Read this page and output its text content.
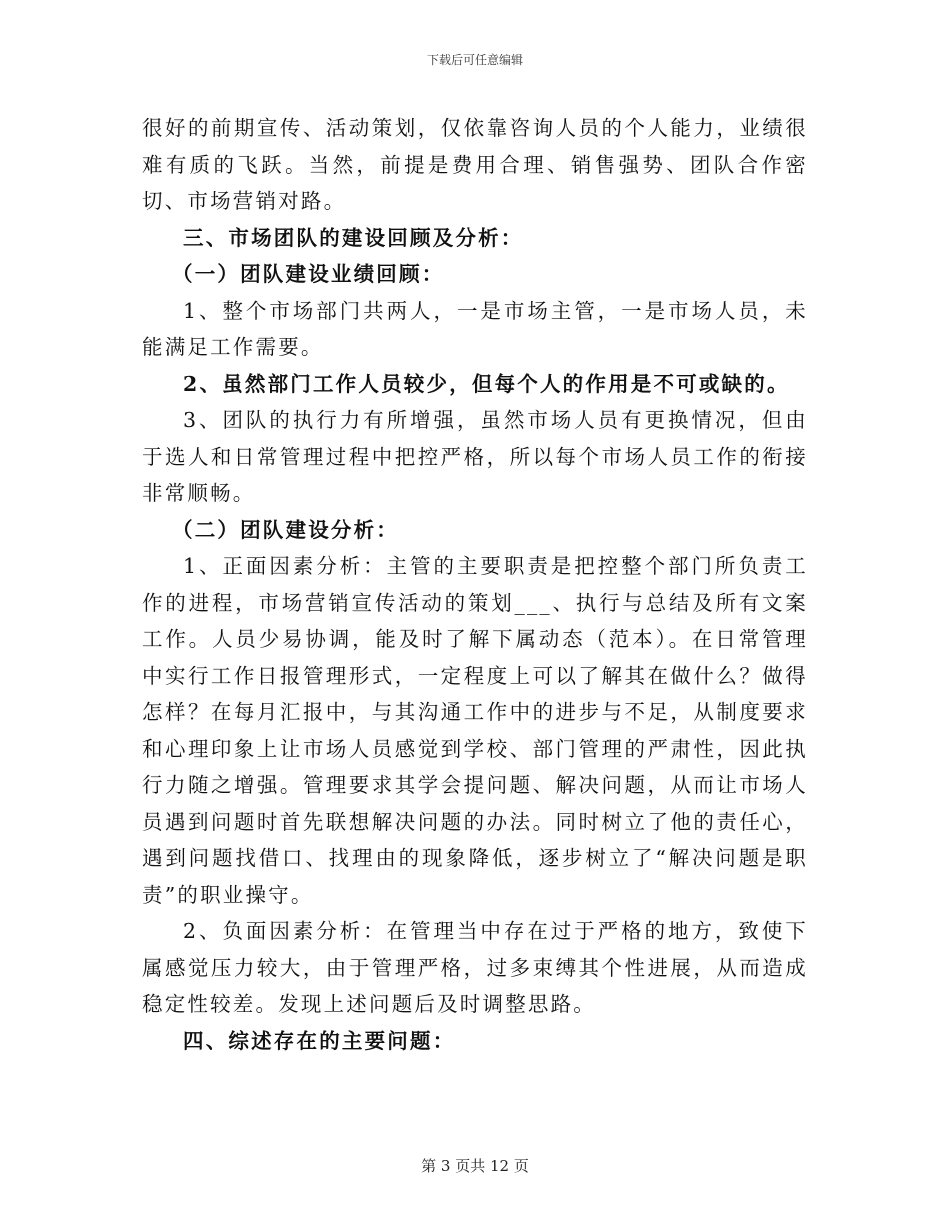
下载后可任意编辑

很好的前期宣传、活动策划，仅依靠咨询人员的个人能力，业绩很难有质的飞跃。当然，前提是费用合理、销售强势、团队合作密切、市场营销对路。

三、市场团队的建设回顾及分析：

（一）团队建设业绩回顾：

1、整个市场部门共两人，一是市场主管，一是市场人员，未能满足工作需要。

2、虽然部门工作人员较少，但每个人的作用是不可或缺的。

3、团队的执行力有所增强，虽然市场人员有更换情况，但由于选人和日常管理过程中把控严格，所以每个市场人员工作的衔接非常顺畅。

（二）团队建设分析：

1、正面因素分析：主管的主要职责是把控整个部门所负责工作的进程，市场营销宣传活动的策划___、执行与总结及所有文案工作。人员少易协调，能及时了解下属动态（范本）。在日常管理中实行工作日报管理形式，一定程度上可以了解其在做什么？做得怎样？在每月汇报中，与其沟通工作中的进步与不足，从制度要求和心理印象上让市场人员感觉到学校、部门管理的严肃性，因此执行力随之增强。管理要求其学会提问题、解决问题，从而让市场人员遇到问题时首先联想解决问题的办法。同时树立了他的责任心，遇到问题找借口、找理由的现象降低，逐步树立了“解决问题是职责”的职业操守。

2、负面因素分析：在管理当中存在过于严格的地方，致使下属感觉压力较大，由于管理严格，过多束缚其个性进展，从而造成稳定性较差。发现上述问题后及时调整思路。

四、综述存在的主要问题：

第 3 页共 12 页
